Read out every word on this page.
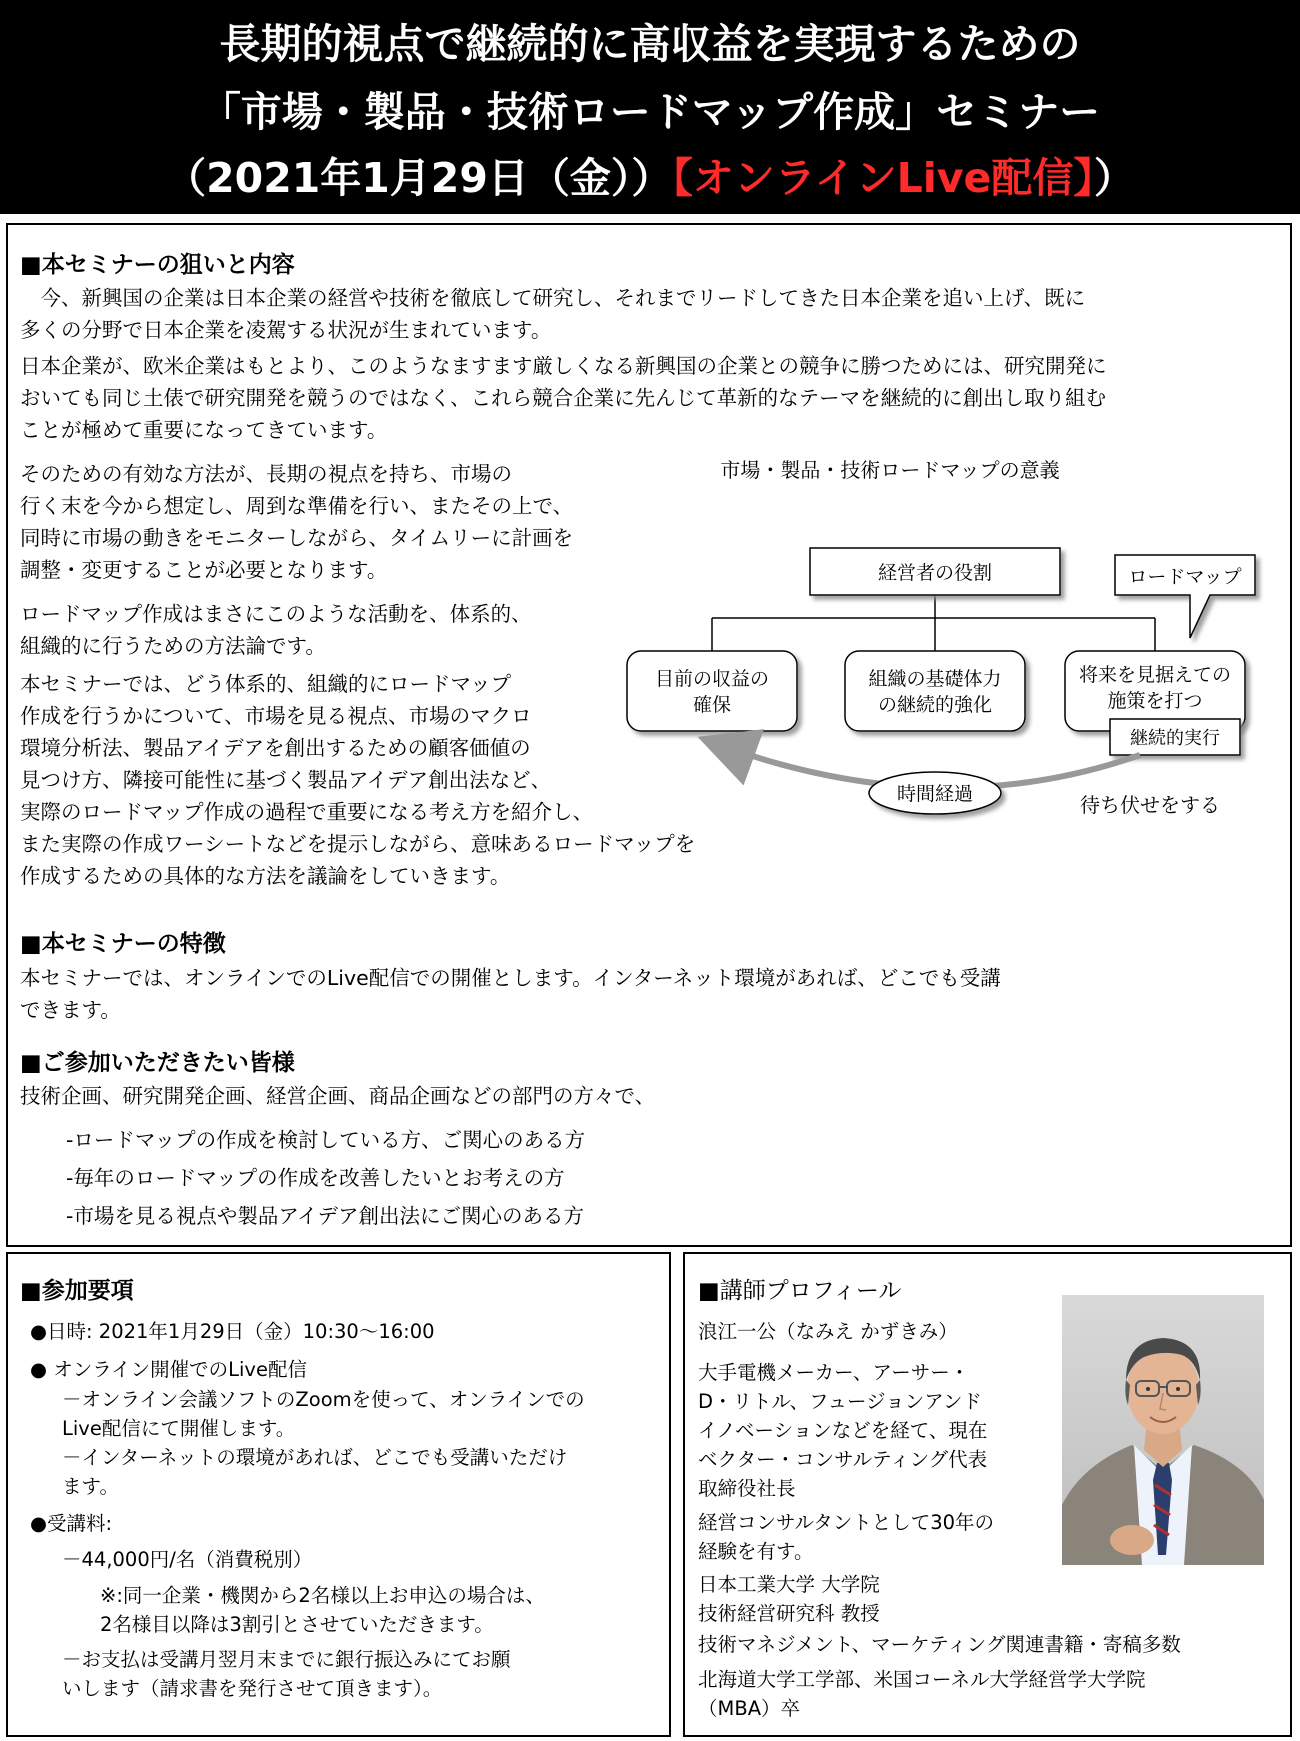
長期的視点で継続的に高収益を実現するための
「市場・製品・技術ロードマップ作成」セミナー
（2021年1月29日（金））【オンラインLive配信】）
■本セミナーの狙いと内容
　今、新興国の企業は日本企業の経営や技術を徹底して研究し、それまでリードしてきた日本企業を追い上げ、既に
多くの分野で日本企業を凌駕する状況が生まれています。
日本企業が、欧米企業はもとより、このようなますます厳しくなる新興国の企業との競争に勝つためには、研究開発に
おいても同じ土俵で研究開発を競うのではなく、これら競合企業に先んじて革新的なテーマを継続的に創出し取り組む
ことが極めて重要になってきています。
そのための有効な方法が、長期の視点を持ち、市場の
行く末を今から想定し、周到な準備を行い、またその上で、
同時に市場の動きをモニターしながら、タイムリーに計画を
調整・変更することが必要となります。
ロードマップ作成はまさにこのような活動を、体系的、
組織的に行うための方法論です。
本セミナーでは、どう体系的、組織的にロードマップ
作成を行うかについて、市場を見る視点、市場のマクロ
環境分析法、製品アイデアを創出するための顧客価値の
見つけ方、隣接可能性に基づく製品アイデア創出法など、
実際のロードマップ作成の過程で重要になる考え方を紹介し、
また実際の作成ワーシートなどを提示しながら、意味あるロードマップを
作成するための具体的な方法を議論をしていきます。
市場・製品・技術ロードマップの意義
経営者の役割	ロードマップ
目前の収益の
確保
組織の基礎体力
の継続的強化
将来を見据えての
施策を打つ
継続的実行
時間経過	待ち伏せをする
■本セミナーの特徴
本セミナーでは、オンラインでのLive配信での開催とします。インターネット環境があれば、どこでも受講
できます。
■ご参加いただきたい皆様
技術企画、研究開発企画、経営企画、商品企画などの部門の方々で、
-ロードマップの作成を検討している方、ご関心のある方
-毎年のロードマップの作成を改善したいとお考えの方
-市場を見る視点や製品アイデア創出法にご関心のある方
■参加要項
●日時: 2021年1月29日（金）10:30～16:00
● オンライン開催でのLive配信
－オンライン会議ソフトのZoomを使って、オンラインでの
Live配信にて開催します。
－インターネットの環境があれば、どこでも受講いただけ
ます。
●受講料:
－44,000円/名（消費税別）
※:同一企業・機関から2名様以上お申込の場合は、
2名様目以降は3割引とさせていただきます。
－お支払は受講月翌月末までに銀行振込みにてお願
いします（請求書を発行させて頂きます）。
■講師プロフィール
浪江一公（なみえ かずきみ）
大手電機メーカー、アーサー・
D・リトル、フュージョンアンド
イノベーションなどを経て、現在
ベクター・コンサルティング代表
取締役社長
経営コンサルタントとして30年の
経験を有す。
日本工業大学 大学院
技術経営研究科 教授
技術マネジメント、マーケティング関連書籍・寄稿多数
北海道大学工学部、米国コーネル大学経営学大学院
（MBA）卒
